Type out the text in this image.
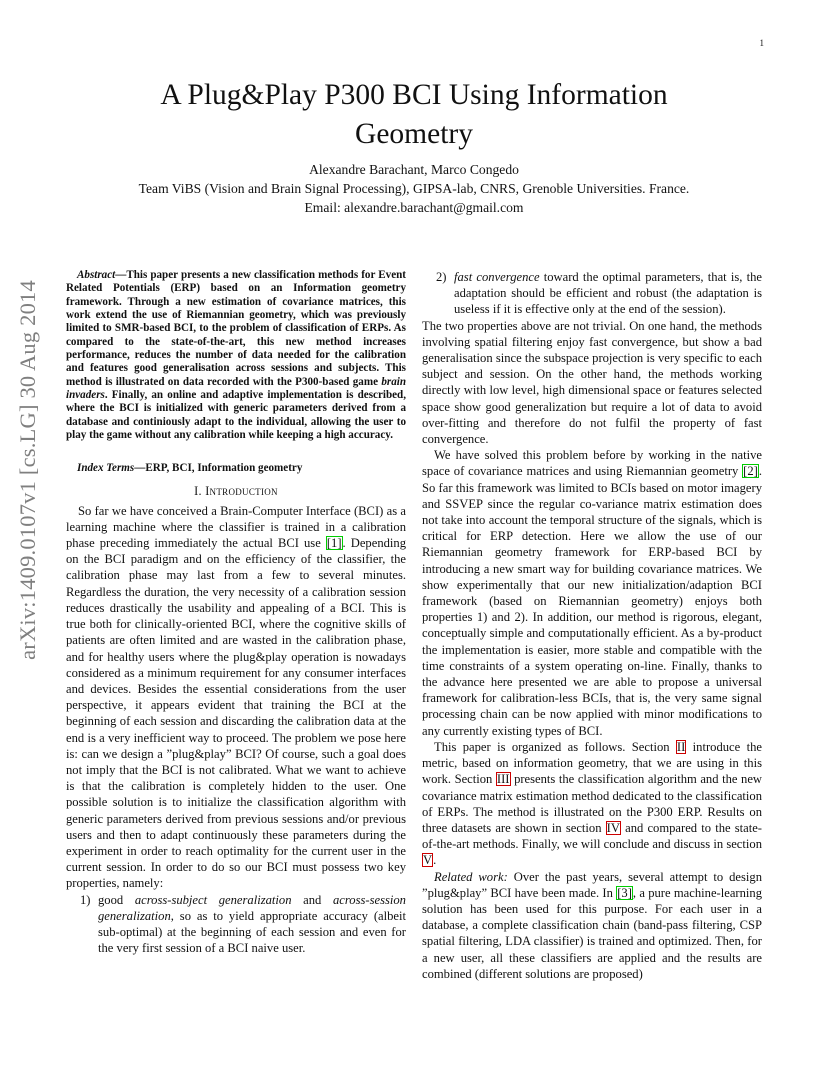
1
arXiv:1409.0107v1 [cs.LG] 30 Aug 2014
A Plug&Play P300 BCI Using Information
Geometry
Alexandre Barachant, Marco Congedo
Team ViBS (Vision and Brain Signal Processing), GIPSA-lab, CNRS, Grenoble Universities. France.
Email: alexandre.barachant@gmail.com

Abstract—This paper presents a new classification methods for Event Related Potentials (ERP) based on an Information geometry framework. Through a new estimation of covariance matrices, this work extend the use of Riemannian geometry, which was previously limited to SMR-based BCI, to the problem of classification of ERPs. As compared to the state-of-the-art, this new method increases performance, reduces the number of data needed for the calibration and features good generalisation across sessions and subjects. This method is illustrated on data recorded with the P300-based game brain invaders. Finally, an online and adaptive implementation is described, where the BCI is initialized with generic parameters derived from a database and continiously adapt to the individual, allowing the user to play the game without any calibration while keeping a high accuracy.

Index Terms—ERP, BCI, Information geometry

I. Introduction

So far we have conceived a Brain-Computer Interface (BCI) as a learning machine where the classifier is trained in a calibration phase preceding immediately the actual BCI use [1]. Depending on the BCI paradigm and on the efficiency of the classifier, the calibration phase may last from a few to several minutes. Regardless the duration, the very necessity of a calibration session reduces drastically the usability and appealing of a BCI. This is true both for clinically-oriented BCI, where the cognitive skills of patients are often limited and are wasted in the calibration phase, and for healthy users where the plug&play operation is nowadays considered as a minimum requirement for any consumer interfaces and devices. Besides the essential considerations from the user perspective, it appears evident that training the BCI at the beginning of each session and discarding the calibration data at the end is a very inefficient way to proceed. The problem we pose here is: can we design a ”plug&play” BCI? Of course, such a goal does not imply that the BCI is not calibrated. What we want to achieve is that the calibration is completely hidden to the user. One possible solution is to initialize the classification algorithm with generic parameters derived from previous sessions and/or previous users and then to adapt continuously these parameters during the experiment in order to reach optimality for the current user in the current session. In order to do so our BCI must possess two key properties, namely:

1) good across-subject generalization and across-session generalization, so as to yield appropriate accuracy (albeit sub-optimal) at the beginning of each session and even for the very first session of a BCI naive user.

2) fast convergence toward the optimal parameters, that is, the adaptation should be efficient and robust (the adaptation is useless if it is effective only at the end of the session).

The two properties above are not trivial. On one hand, the methods involving spatial filtering enjoy fast convergence, but show a bad generalisation since the subspace projection is very specific to each subject and session. On the other hand, the methods working directly with low level, high dimensional space or features selected space show good generalization but require a lot of data to avoid over-fitting and therefore do not fulfil the property of fast convergence.

We have solved this problem before by working in the native space of covariance matrices and using Riemannian geometry [2]. So far this framework was limited to BCIs based on motor imagery and SSVEP since the regular co-variance matrix estimation does not take into account the temporal structure of the signals, which is critical for ERP detection. Here we allow the use of our Riemannian geometry framework for ERP-based BCI by introducing a new smart way for building covariance matrices. We show experimentally that our new initialization/adaption BCI framework (based on Riemannian geometry) enjoys both properties 1) and 2). In addition, our method is rigorous, elegant, conceptually simple and computationally efficient. As a by-product the implementation is easier, more stable and compatible with the time constraints of a system operating on-line. Finally, thanks to the advance here presented we are able to propose a universal framework for calibration-less BCIs, that is, the very same signal processing chain can be now applied with minor modifications to any currently existing types of BCI.

This paper is organized as follows. Section II introduce the metric, based on information geometry, that we are using in this work. Section III presents the classification algorithm and the new covariance matrix estimation method dedicated to the classification of ERPs. The method is illustrated on the P300 ERP. Results on three datasets are shown in section IV and compared to the state-of-the-art methods. Finally, we will conclude and discuss in section V.

Related work: Over the past years, several attempt to design ”plug&play” BCI have been made. In [3], a pure machine-learning solution has been used for this purpose. For each user in a database, a complete classification chain (band-pass filtering, CSP spatial filtering, LDA classifier) is trained and optimized. Then, for a new user, all these classifiers are applied and the results are combined (different solutions are proposed)
